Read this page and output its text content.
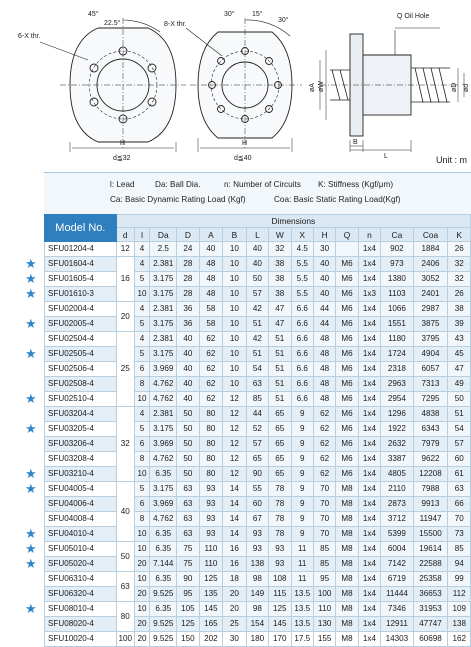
6-X thr.
45°
22.5°	8-X thr.
30° 15°
30°
Q Oil Hole
H
d≦32
H
d≦40
øA øW	øD ød
B
L	Unit : m
l: Lead Da: Ball Dia.	n: Number of Circuits K: Stiffness (Kgf/μm)
Ca: Basic Dynamic Rating Load (Kgf)	Coa: Basic Static Rating Load(Kgf)
Model No.	Dimensions														
	d	l	Da	D	A	B	L	W	X	H	Q	n	Ca	Coa	K
SFU01204-4	12	4	2.5	24	40	10	40	32	4.5	30		1x4	902	1884	26
SFU01604-4	16	4	2.381	28	48	10	40	38	5.5	40	M6	1x4	973	2406	32
SFU01605-4		5	3.175	28	48	10	50	38	5.5	40	M6	1x4	1380	3052	32
SFU01610-3		10	3.175	28	48	10	57	38	5.5	40	M6	1x3	1103	2401	26
SFU02004-4	20	4	2.381	36	58	10	42	47	6.6	44	M6	1x4	1066	2987	38
SFU02005-4		5	3.175	36	58	10	51	47	6.6	44	M6	1x4	1551	3875	39
SFU02504-4	25	4	2.381	40	62	10	42	51	6.6	48	M6	1x4	1180	3795	43
SFU02505-4		5	3.175	40	62	10	51	51	6.6	48	M6	1x4	1724	4904	45
SFU02506-4		6	3.969	40	62	10	54	51	6.6	48	M6	1x4	2318	6057	47
SFU02508-4		8	4.762	40	62	10	63	51	6.6	48	M6	1x4	2963	7313	49
SFU02510-4		10	4.762	40	62	12	85	51	6.6	48	M6	1x4	2954	7295	50
SFU03204-4	32	4	2.381	50	80	12	44	65	9	62	M6	1x4	1296	4838	51
SFU03205-4		5	3.175	50	80	12	52	65	9	62	M6	1x4	1922	6343	54
SFU03206-4		6	3.969	50	80	12	57	65	9	62	M6	1x4	2632	7979	57
SFU03208-4		8	4.762	50	80	12	65	65	9	62	M6	1x4	3387	9622	60
SFU03210-4		10	6.35	50	80	12	90	65	9	62	M6	1x4	4805	12208	61
SFU04005-4	40	5	3.175	63	93	14	55	78	9	70	M8	1x4	2110	7988	63
SFU04006-4		6	3.969	63	93	14	60	78	9	70	M8	1x4	2873	9913	66
SFU04008-4		8	4.762	63	93	14	67	78	9	70	M8	1x4	3712	11947	70
SFU04010-4		10	6.35	63	93	14	93	78	9	70	M8	1x4	5399	15500	73
SFU05010-4	50	10	6.35	75	110	16	93	93	11	85	M8	1x4	6004	19614	85
SFU05020-4		20	7.144	75	110	16	138	93	11	85	M8	1x4	7142	22588	94
SFU06310-4	63	10	6.35	90	125	18	98	108	11	95	M8	1x4	6719	25358	99
SFU06320-4		20	9.525	95	135	20	149	115	13.5	100	M8	1x4	11444	36653	112
SFU08010-4	80	10	6.35	105	145	20	98	125	13.5	110	M8	1x4	7346	31953	109
SFU08020-4		20	9.525	125	165	25	154	145	13.5	130	M8	1x4	12911	47747	138
SFU10020-4	100	20	9.525	150	202	30	180	170	17.5	155	M8	1x4	14303	60698	162
★
★
★
★
★
★
★
★
★
★
★
★
★
